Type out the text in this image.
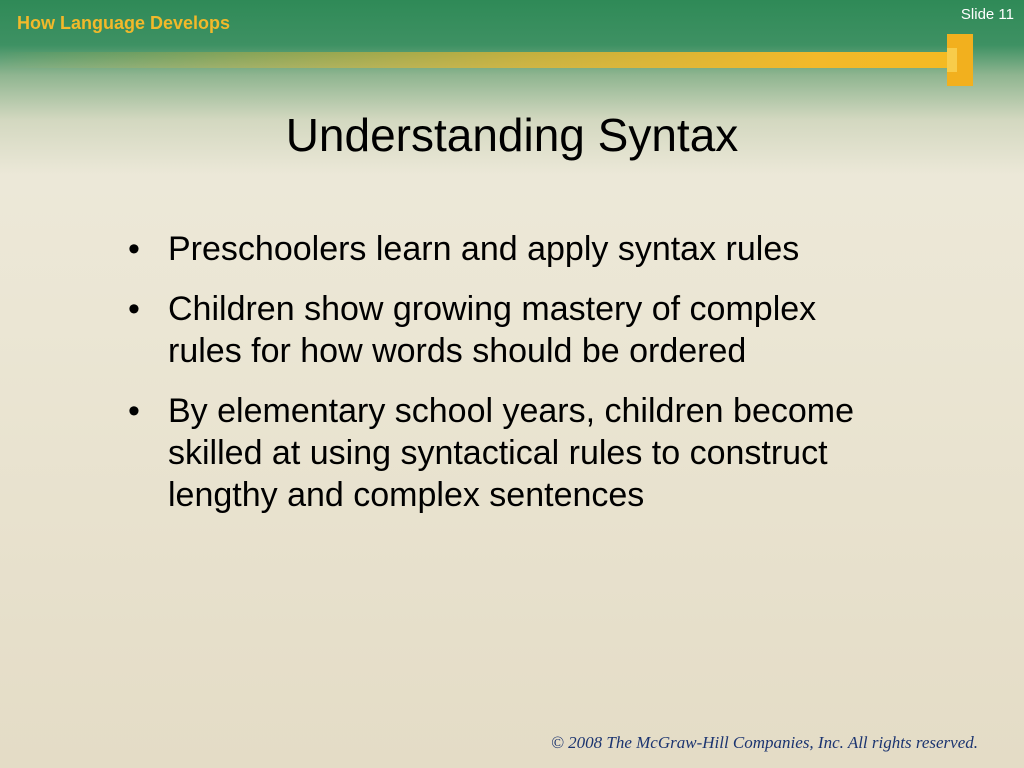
How Language Develops	Slide 11
Understanding Syntax
• Preschoolers learn and apply syntax rules
• Children show growing mastery of complex rules for how words should be ordered
• By elementary school years, children become skilled at using syntactical rules to construct lengthy and complex sentences
© 2008 The McGraw-Hill Companies, Inc. All rights reserved.
